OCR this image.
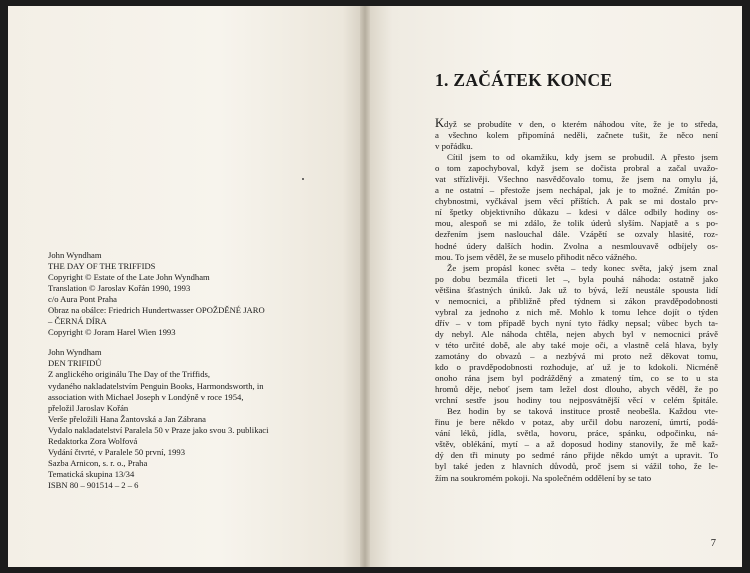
John Wyndham
THE DAY OF THE TRIFFIDS
Copyright © Estate of the Late John Wyndham
Translation © Jaroslav Kořán 1990, 1993
c/o Aura Pont Praha
Obraz na obálce: Friedrich Hundertwasser OPOŽDĚNÉ JARO
– ČERNÁ DÍRA
Copyright © Joram Harel Wien 1993
John Wyndham
DEN TRIFIDŮ
Z anglického originálu The Day of the Triffids,
vydaného nakladatelstvím Penguin Books, Harmondsworth, in
association with Michael Joseph v Londýně v roce 1954,
přeložil Jaroslav Kořán
Verše přeložili Hana Žantovská a Jan Zábrana
Vydalo nakladatelství Paralela 50 v Praze jako svou 3. publikaci
Redaktorka Zora Wolfová
Vydání čtvrté, v Paralele 50 první, 1993
Sazba Arnicon, s. r. o., Praha
Tematická skupina 13/34
ISBN 80 – 901514 – 2 – 6
1. ZAČÁTEK KONCE
Když se probudíte v den, o kterém náhodou víte, že je to středa,
a všechno kolem připomíná neděli, začnete tušit, že něco není
v pořádku.
Cítil jsem to od okamžiku, kdy jsem se probudil. A přesto jsem
o tom zapochyboval, když jsem se dočista probral a začal uvažo-
vat střízlivěji. Všechno nasvědčovalo tomu, že jsem na omylu já,
a ne ostatní – přestože jsem nechápal, jak je to možné. Zmítán po-
chybnostmi, vyčkával jsem věcí příštích. A pak se mi dostalo prv-
ní špetky objektivního důkazu – kdesi v dálce odbily hodiny os-
mou, alespoň se mi zdálo, že tolik úderů slyším. Napjatě a s po-
dezřením jsem naslouchal dále. Vzápětí se ozvaly hlasité, roz-
hodné údery dalších hodin. Zvolna a nesmlouvavě odbíjely os-
mou. To jsem věděl, že se muselo přihodit něco vážného.
Že jsem propásl konec světa – tedy konec světa, jaký jsem znal
po dobu bezmála třiceti let –, byla pouhá náhoda: ostatně jako
většina šťastných úniků. Jak už to bývá, leží neustále spousta lidí
v nemocnici, a přibližně před týdnem si zákon pravděpodobnosti
vybral za jednoho z nich mě. Mohlo k tomu lehce dojít o týden
dřív – v tom případě bych nyní tyto řádky nepsal; vůbec bych ta-
dy nebyl. Ale náhoda chtěla, nejen abych byl v nemocnici právě
v této určité době, ale aby také moje oči, a vlastně celá hlava, byly
zamotány do obvazů – a nezbývá mi proto než děkovat tomu,
kdo o pravděpodobnosti rozhoduje, ať už je to kdokoli. Nicméně
onoho rána jsem byl podrážděný a zmatený tím, co se to u sta
hromů děje, neboť jsem tam ležel dost dlouho, abych věděl, že po
vrchní sestře jsou hodiny tou nejposvátnější věcí v celém špitále.
Bez hodin by se taková instituce prostě neobešla. Každou vte-
řinu je bere někdo v potaz, aby určil dobu narození, úmrtí, podá-
vání léků, jídla, světla, hovoru, práce, spánku, odpočinku, ná-
vštěv, oblékání, mytí – a až doposud hodiny stanovily, že mě kaž-
dý den tři minuty po sedmé ráno přijde někdo umýt a upravit. To
byl také jeden z hlavních důvodů, proč jsem si vážil toho, že le-
žím na soukromém pokoji. Na společném oddělení by se tato
7
